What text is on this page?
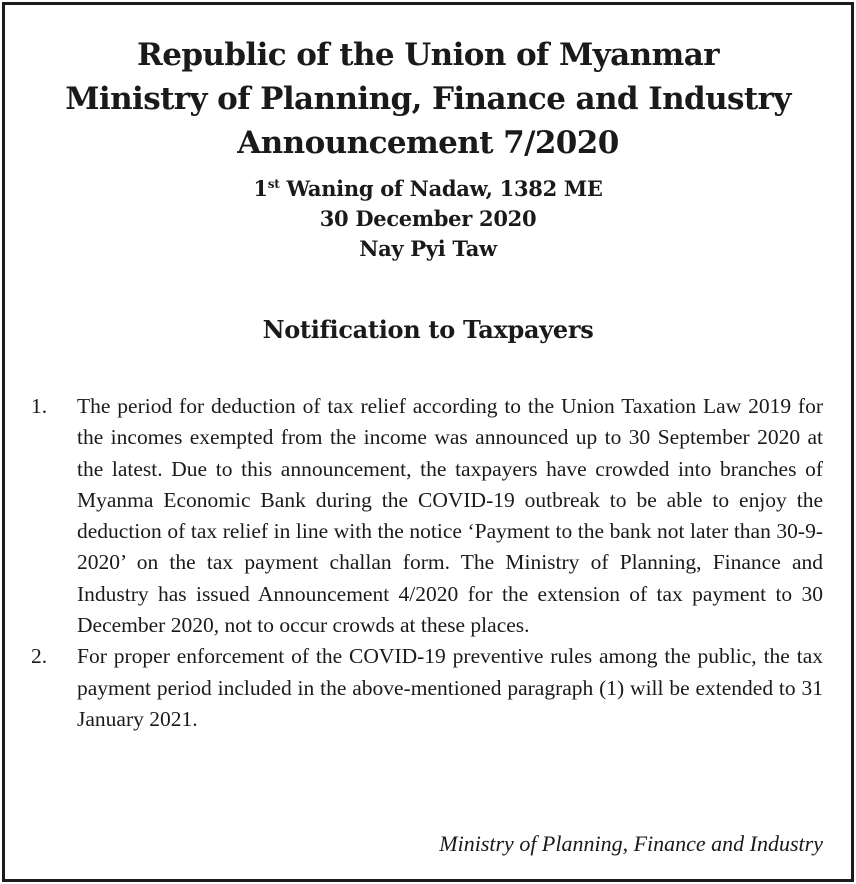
Republic of the Union of Myanmar
Ministry of Planning, Finance and Industry
Announcement 7/2020
1st Waning of Nadaw, 1382 ME
30 December 2020
Nay Pyi Taw
Notification to Taxpayers
1.	The period for deduction of tax relief according to the Union Taxation Law 2019 for the incomes exempted from the income was announced up to 30 September 2020 at the latest. Due to this announcement, the taxpayers have crowded into branches of Myanma Economic Bank during the COVID-19 outbreak to be able to enjoy the deduction of tax relief in line with the notice ‘Payment to the bank not later than 30-9-2020’ on the tax payment challan form. The Ministry of Planning, Finance and Industry has issued Announcement 4/2020 for the extension of tax payment to 30 December 2020, not to occur crowds at these places.
2.	For proper enforcement of the COVID-19 preventive rules among the public, the tax payment period included in the above-mentioned paragraph (1) will be extended to 31 January 2021.
Ministry of Planning, Finance and Industry
